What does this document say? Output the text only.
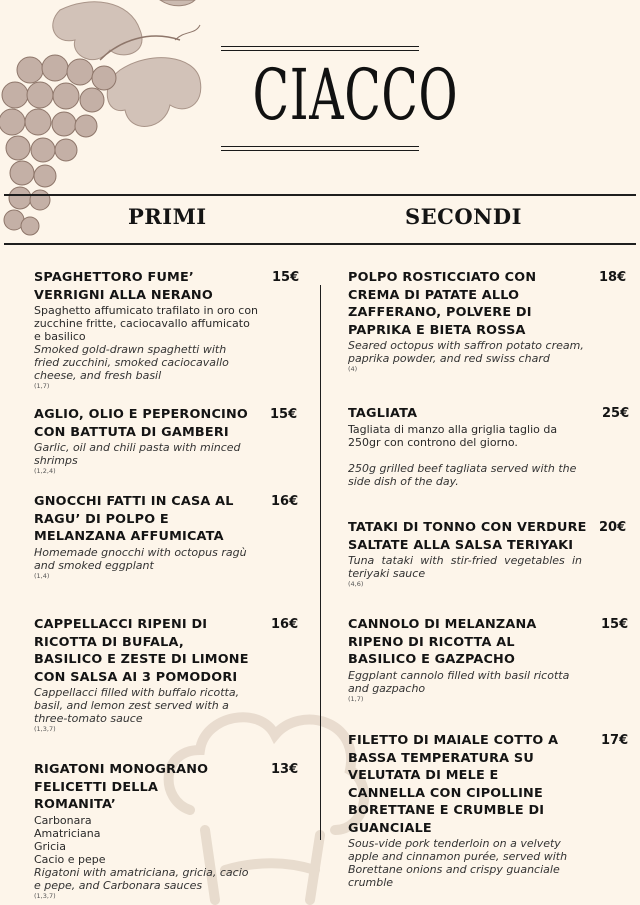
CIACCO
PRIMI	SECONDI
SPAGHETTORO FUME’ VERRIGNI ALLA NERANO
15€
Spaghetto affumicato trafilato in oro con zucchine fritte, caciocavallo affumicato e basilico
Smoked gold-drawn spaghetti with fried zucchini, smoked caciocavallo cheese, and fresh basil
(1,7)
AGLIO, OLIO E PEPERONCINO CON BATTUTA DI GAMBERI
15€
Garlic, oil and chili pasta with minced shrimps
(1,2,4)
GNOCCHI FATTI IN CASA AL RAGU’ DI POLPO E MELANZANA AFFUMICATA
16€
Homemade gnocchi with octopus ragù and smoked eggplant
(1,4)
CAPPELLACCI RIPENI DI RICOTTA DI BUFALA, BASILICO E ZESTE DI LIMONE CON SALSA AI 3 POMODORI
16€
Cappellacci filled with buffalo ricotta, basil, and lemon zest served with a three-tomato sauce
(1,3,7)
RIGATONI MONOGRANO FELICETTI DELLA ROMANITA’
13€
Carbonara
Amatriciana
Gricia
Cacio e pepe
Rigatoni with amatriciana, gricia, cacio e pepe, and Carbonara sauces
(1,3,7)
POLPO ROSTICCIATO CON CREMA DI PATATE ALLO ZAFFERANO, POLVERE DI PAPRIKA E BIETA ROSSA
18€
Seared octopus with saffron potato cream, paprika powder, and red swiss chard
(4)
TAGLIATA	25€
Tagliata di manzo alla griglia taglio da 250gr con controno del giorno.
250g grilled beef tagliata served with the side dish of the day.
TATAKI DI TONNO CON VERDURE SALTATE ALLA SALSA TERIYAKI
20€
Tuna tataki with stir-fried vegetables in teriyaki sauce
(4,6)
CANNOLO DI MELANZANA RIPENO DI RICOTTA AL BASILICO E GAZPACHO
15€
Eggplant cannolo filled with basil ricotta and gazpacho
(1,7)
FILETTO DI MAIALE COTTO A BASSA TEMPERATURA SU VELUTATA DI MELE E CANNELLA CON CIPOLLINE BORETTANE E CRUMBLE DI GUANCIALE
17€
Sous-vide pork tenderloin on a velvety apple and cinnamon purée, served with Borettane onions and crispy guanciale crumble
